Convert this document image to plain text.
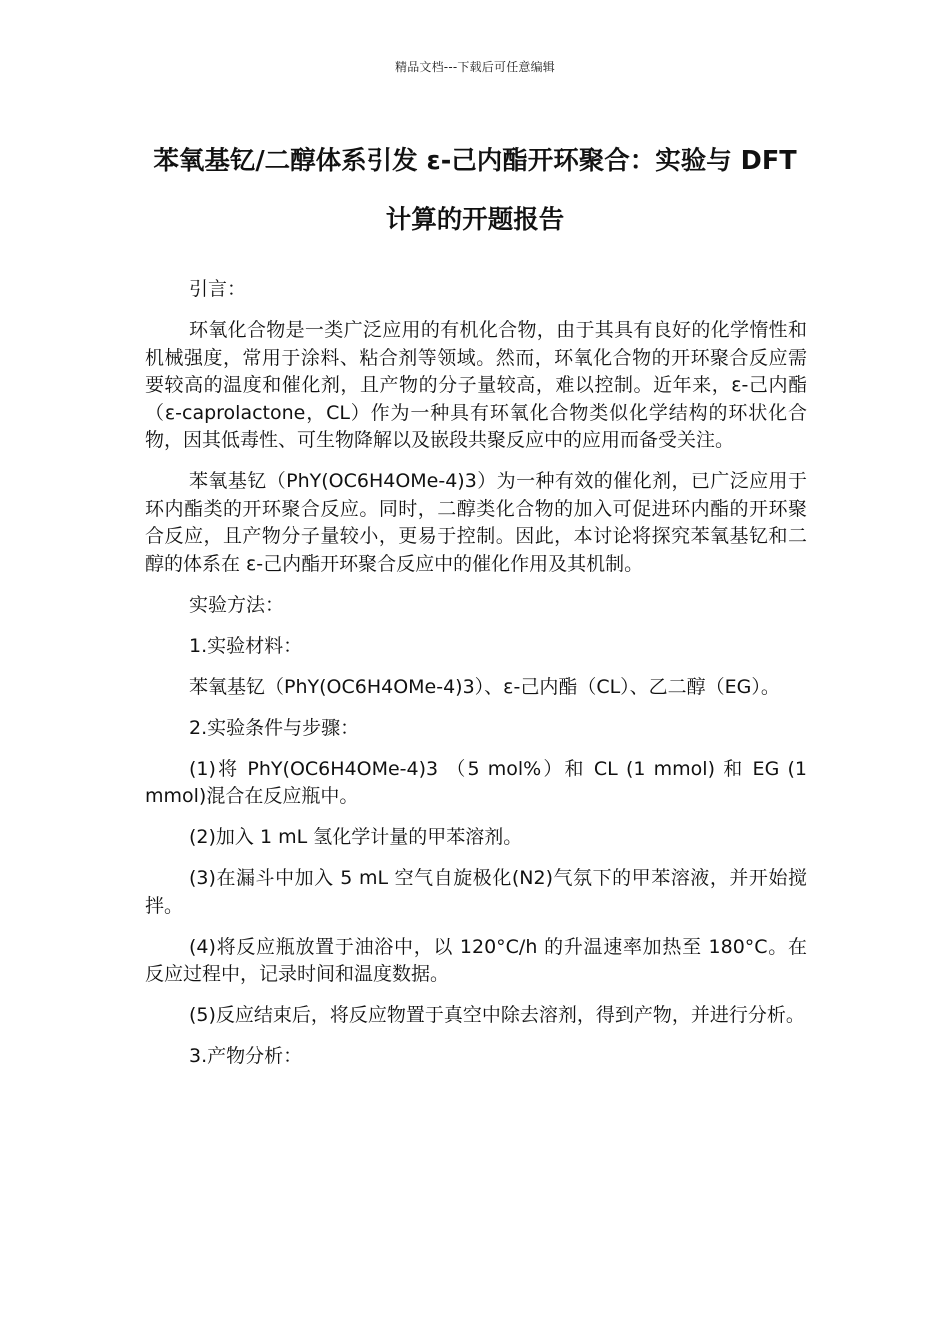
精品文档---下载后可任意编辑
苯氧基钇/二醇体系引发 ε-己内酯开环聚合：实验与 DFT 计算的开题报告

引言：

环氧化合物是一类广泛应用的有机化合物，由于其具有良好的化学惰性和机械强度，常用于涂料、粘合剂等领域。然而，环氧化合物的开环聚合反应需要较高的温度和催化剂，且产物的分子量较高，难以控制。近年来，ε-己内酯（ε-caprolactone，CL）作为一种具有环氧化合物类似化学结构的环状化合物，因其低毒性、可生物降解以及嵌段共聚反应中的应用而备受关注。

苯氧基钇（PhY(OC6H4OMe-4)3）为一种有效的催化剂，已广泛应用于环内酯类的开环聚合反应。同时，二醇类化合物的加入可促进环内酯的开环聚合反应，且产物分子量较小，更易于控制。因此，本讨论将探究苯氧基钇和二醇的体系在 ε-己内酯开环聚合反应中的催化作用及其机制。

实验方法：

1.实验材料：

苯氧基钇（PhY(OC6H4OMe-4)3）、ε-己内酯（CL）、乙二醇（EG）。

2.实验条件与步骤：

(1)将 PhY(OC6H4OMe-4)3 （5 mol%）和 CL (1 mmol) 和 EG (1 mmol)混合在反应瓶中。

(2)加入 1 mL 氢化学计量的甲苯溶剂。

(3)在漏斗中加入 5 mL 空气自旋极化(N2)气氛下的甲苯溶液，并开始搅拌。

(4)将反应瓶放置于油浴中，以 120°C/h 的升温速率加热至 180°C。在反应过程中，记录时间和温度数据。

(5)反应结束后，将反应物置于真空中除去溶剂，得到产物，并进行分析。

3.产物分析：
